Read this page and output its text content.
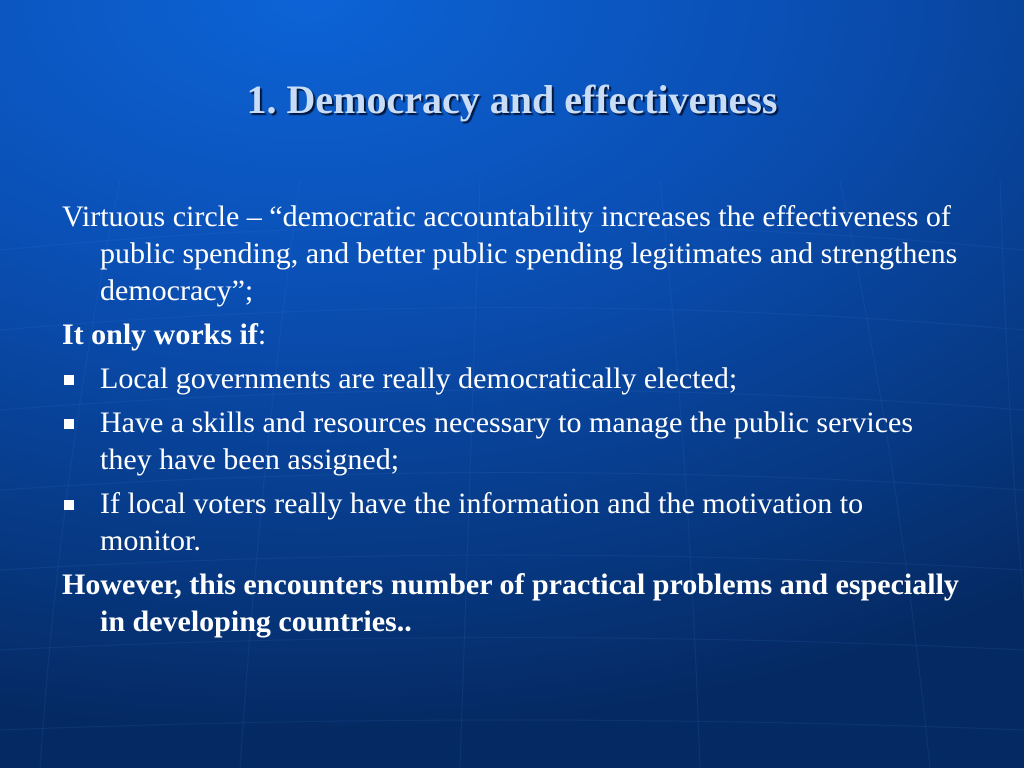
1. Democracy and effectiveness

Virtuous circle – “democratic accountability increases the effectiveness of public spending, and better public spending legitimates and strengthens democracy”;

It only works if:

Local governments are really democratically elected;
Have a skills and resources necessary to manage the public services they have been assigned;
If local voters really have the information and the motivation to monitor.

However, this encounters number of practical problems and especially in developing countries..
